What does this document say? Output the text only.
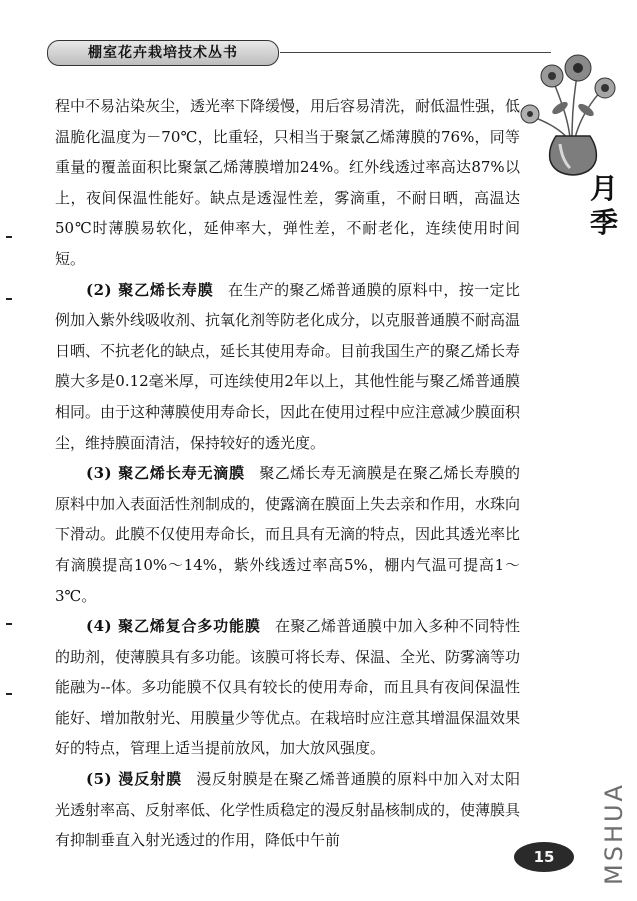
棚室花卉栽培技术丛书
月
季

程中不易沾染灰尘，透光率下降缓慢，用后容易清洗，耐低温性强，低温脆化温度为－70℃，比重轻，只相当于聚氯乙烯薄膜的76%，同等重量的覆盖面积比聚氯乙烯薄膜增加24%。红外线透过率高达87%以上，夜间保温性能好。缺点是透湿性差，雾滴重，不耐日晒，高温达50℃时薄膜易软化，延伸率大，弹性差，不耐老化，连续使用时间短。

(2) 聚乙烯长寿膜 在生产的聚乙烯普通膜的原料中，按一定比例加入紫外线吸收剂、抗氧化剂等防老化成分，以克服普通膜不耐高温日晒、不抗老化的缺点，延长其使用寿命。目前我国生产的聚乙烯长寿膜大多是0.12毫米厚，可连续使用2年以上，其他性能与聚乙烯普通膜相同。由于这种薄膜使用寿命长，因此在使用过程中应注意减少膜面积尘，维持膜面清洁，保持较好的透光度。

(3) 聚乙烯长寿无滴膜 聚乙烯长寿无滴膜是在聚乙烯长寿膜的原料中加入表面活性剂制成的，使露滴在膜面上失去亲和作用，水珠向下滑动。此膜不仅使用寿命长，而且具有无滴的特点，因此其透光率比有滴膜提高10%～14%，紫外线透过率高5%，棚内气温可提高1～3℃。

(4) 聚乙烯复合多功能膜 在聚乙烯普通膜中加入多种不同特性的助剂，使薄膜具有多功能。该膜可将长寿、保温、全光、防雾滴等功能融为--体。多功能膜不仅具有较长的使用寿命，而且具有夜间保温性能好、增加散射光、用膜量少等优点。在栽培时应注意其增温保温效果好的特点，管理上适当提前放风，加大放风强度。

(5) 漫反射膜 漫反射膜是在聚乙烯普通膜的原料中加入对太阳光透射率高、反射率低、化学性质稳定的漫反射晶核制成的，使薄膜具有抑制垂直入射光透过的作用，降低中午前

15	MSHUA
